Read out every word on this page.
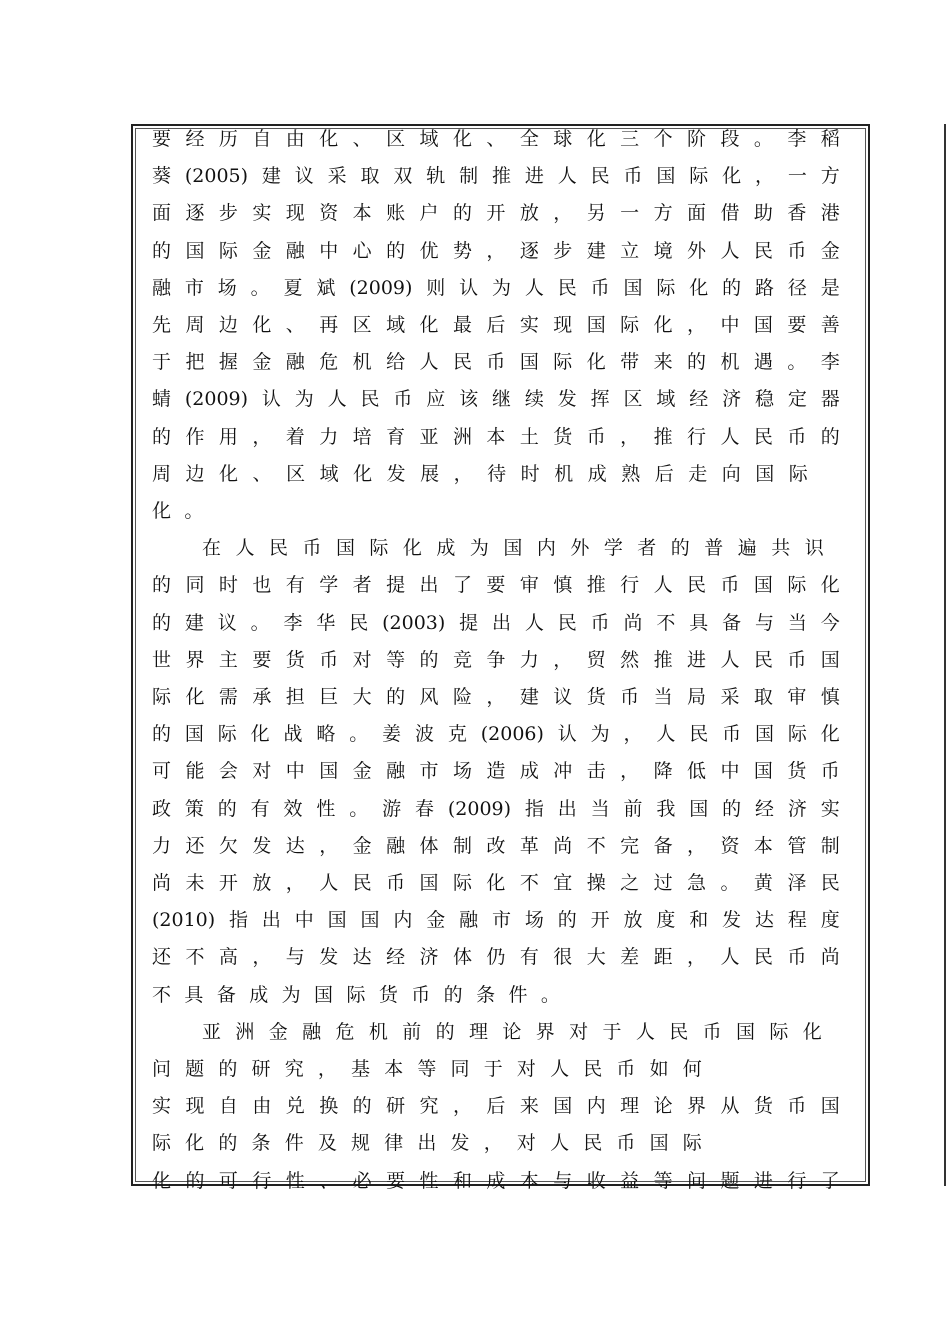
要 经 历 自 由 化 、 区 域 化 、 全 球 化 三 个 阶 段 。 李 稻
葵 (2005) 建 议 采 取 双 轨 制 推 进 人 民 币 国 际 化 ， 一 方
面 逐 步 实 现 资 本 账 户 的 开 放 ， 另 一 方 面 借 助 香 港
的 国 际 金 融 中 心 的 优 势 ， 逐 步 建 立 境 外 人 民 币 金
融 市 场 。 夏 斌 (2009) 则 认 为 人 民 币 国 际 化 的 路 径 是
先 周 边 化 、 再 区 域 化 最 后 实 现 国 际 化 ， 中 国 要 善
于 把 握 金 融 危 机 给 人 民 币 国 际 化 带 来 的 机 遇 。 李
蜻 (2009) 认 为 人 民 币 应 该 继 续 发 挥 区 域 经 济 稳 定 器
的 作 用 ， 着 力 培 育 亚 洲 本 土 货 币 ， 推 行 人 民 币 的
周 边 化 、 区 域 化 发 展 ， 待 时 机 成 熟 后 走 向 国 际
化 。
在 人 民 币 国 际 化 成 为 国 内 外 学 者 的 普 遍 共 识
的 同 时 也 有 学 者 提 出 了 要 审 慎 推 行 人 民 币 国 际 化
的 建 议 。 李 华 民 (2003) 提 出 人 民 币 尚 不 具 备 与 当 今
世 界 主 要 货 币 对 等 的 竞 争 力 ， 贸 然 推 进 人 民 币 国
际 化 需 承 担 巨 大 的 风 险 ， 建 议 货 币 当 局 采 取 审 慎
的 国 际 化 战 略 。 姜 波 克 (2006) 认 为 ， 人 民 币 国 际 化
可 能 会 对 中 国 金 融 市 场 造 成 冲 击 ， 降 低 中 国 货 币
政 策 的 有 效 性 。 游 春 (2009) 指 出 当 前 我 国 的 经 济 实
力 还 欠 发 达 ， 金 融 体 制 改 革 尚 不 完 备 ， 资 本 管 制
尚 未 开 放 ， 人 民 币 国 际 化 不 宜 操 之 过 急 。 黄 泽 民
(2010) 指 出 中 国 国 内 金 融 市 场 的 开 放 度 和 发 达 程 度
还 不 高 ， 与 发 达 经 济 体 仍 有 很 大 差 距 ， 人 民 币 尚
不 具 备 成 为 国 际 货 币 的 条 件 。
亚 洲 金 融 危 机 前 的 理 论 界 对 于 人 民 币 国 际 化
问 题 的 研 究 ， 基 本 等 同 于 对 人 民 币 如 何
实 现 自 由 兑 换 的 研 究 ， 后 来 国 内 理 论 界 从 货 币 国
际 化 的 条 件 及 规 律 出 发 ， 对 人 民 币 国 际
化 的 可 行 性 、 必 要 性 和 成 本 与 收 益 等 问 题 进 行 了
